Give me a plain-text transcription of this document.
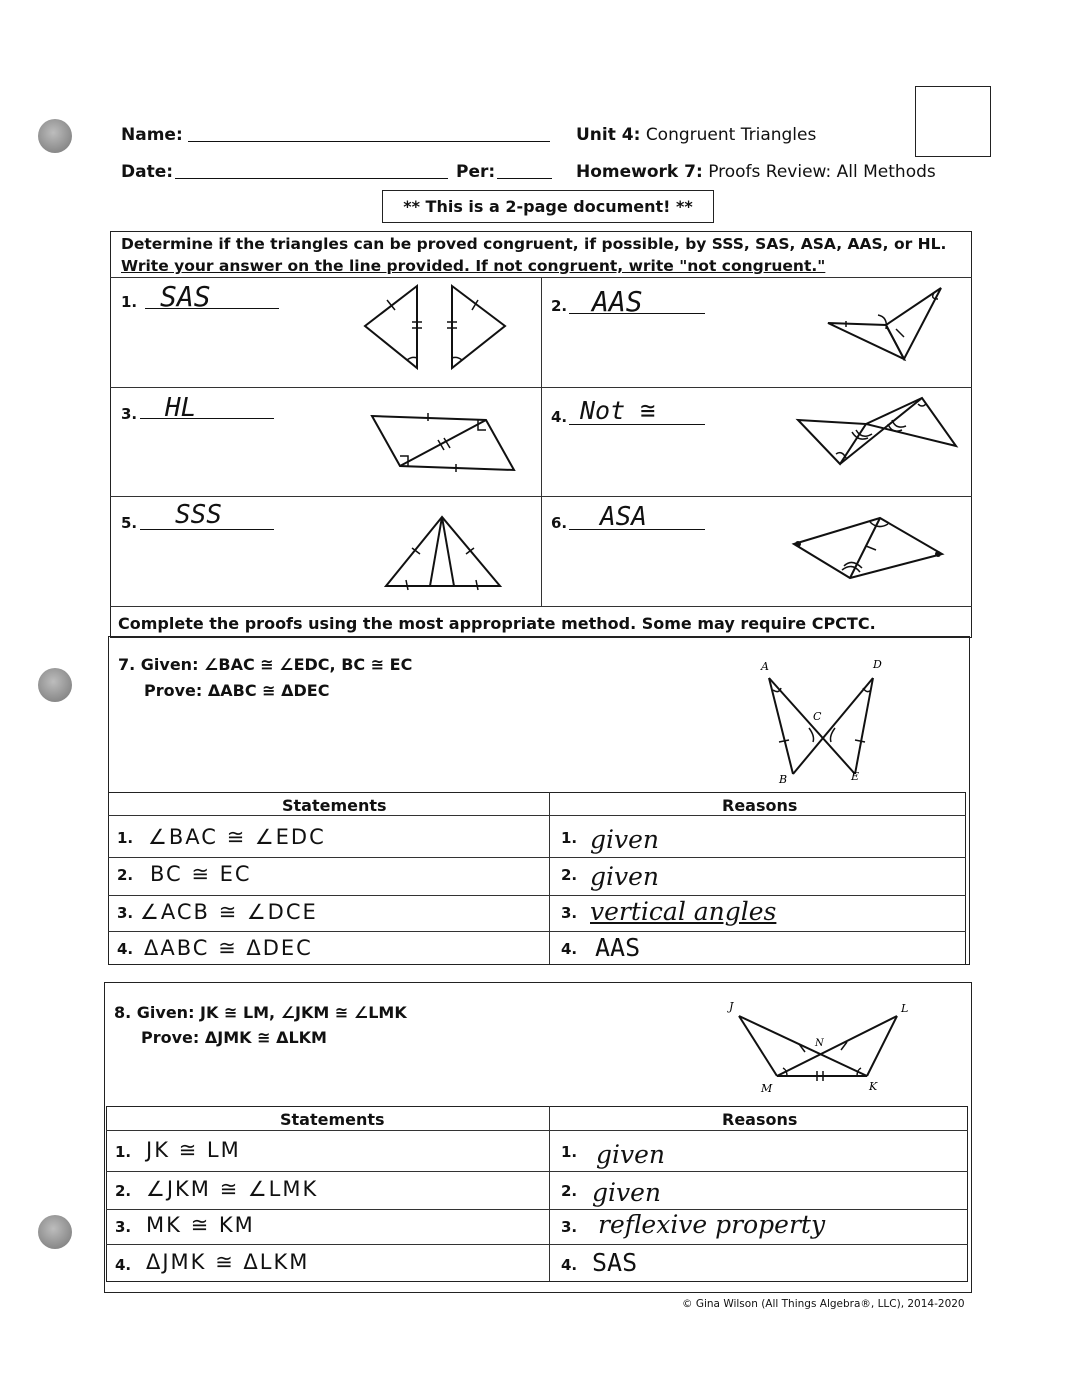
Name:
Date:	Per:
Unit 4: Congruent Triangles
Homework 7: Proofs Review: All Methods
** This is a 2-page document! **
Determine if the triangles can be proved congruent, if possible, by SSS, SAS, ASA, AAS, or HL.
Write your answer on the line provided. If not congruent, write "not congruent."
1. SAS	2. AAS
3. HL	4. Not ≅
5. SSS	6. ASA
Complete the proofs using the most appropriate method. Some may require CPCTC.
7. Given: ∠BAC ≅ ∠EDC, BC ≅ EC
Prove: ΔABC ≅ ΔDEC
A	D
C
B	E
Statements	Reasons
1. ∠BAC ≅ ∠EDC	1. given
2. BC ≅ EC	2. given
3. ∠ACB ≅ ∠DCE	3. vertical angles
4. ΔABC ≅ ΔDEC	4. AAS
8. Given: JK ≅ LM, ∠JKM ≅ ∠LMK
Prove: ΔJMK ≅ ΔLKM
J	L
N
M	K
Statements	Reasons
1. JK ≅ LM	1. given
2. ∠JKM ≅ ∠LMK	2. given
3. MK ≅ KM	3. reflexive property
4. ΔJMK ≅ ΔLKM	4. SAS
© Gina Wilson (All Things Algebra®, LLC), 2014-2020
